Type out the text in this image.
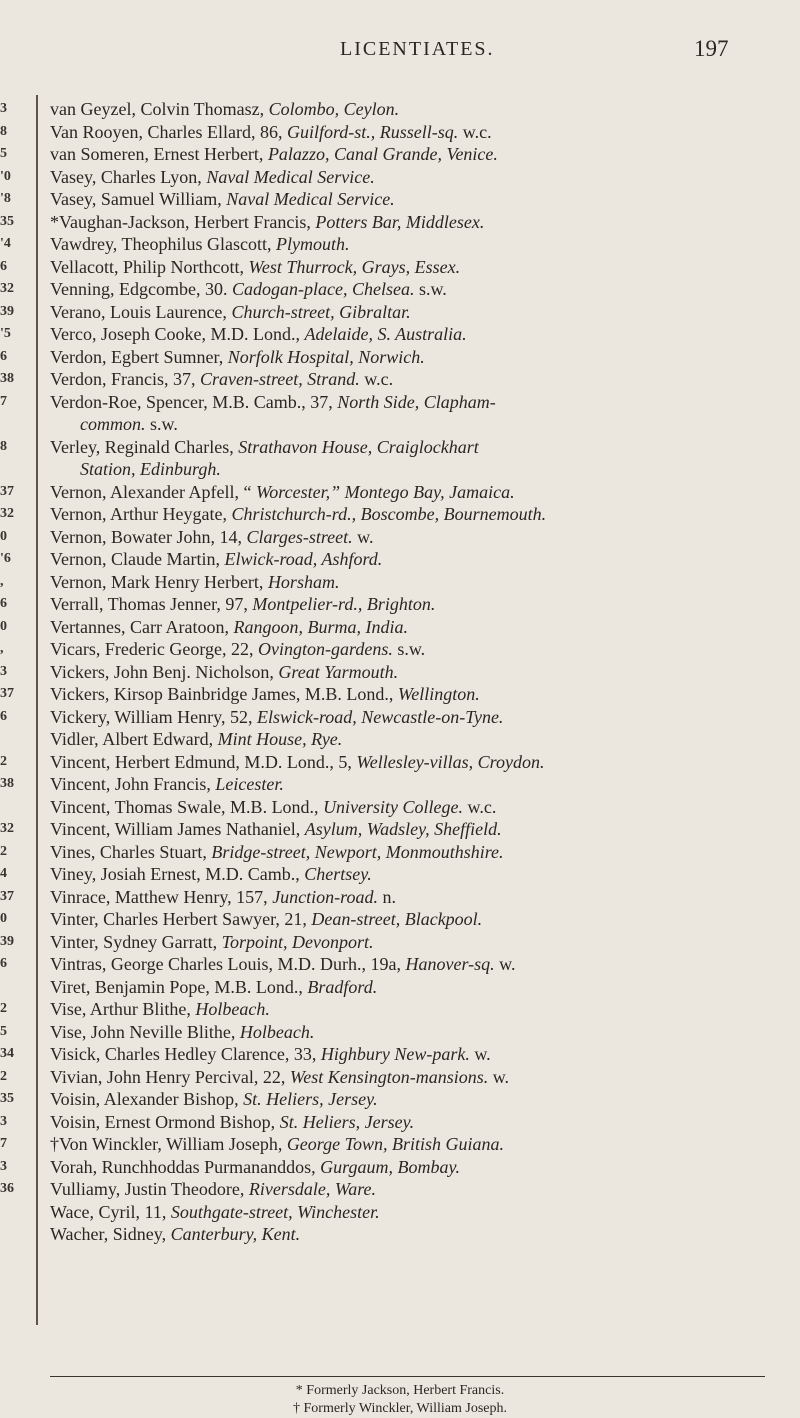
LICENTIATES.	197
3
8
5
'0
'8
35
'4
6
32
39
'5
6
38
7
8
37
32
0
'6
,
6
0
,
3
37
6
2
38
32
2
4
37
0
39
6
2
5
34
2
35
3
7
3
36
van Geyzel, Colvin Thomasz, Colombo, Ceylon.
Van Rooyen, Charles Ellard, 86, Guilford-st., Russell-sq. w.c.
van Someren, Ernest Herbert, Palazzo, Canal Grande, Venice.
Vasey, Charles Lyon, Naval Medical Service.
Vasey, Samuel William, Naval Medical Service.
*Vaughan-Jackson, Herbert Francis, Potters Bar, Middlesex.
Vawdrey, Theophilus Glascott, Plymouth.
Vellacott, Philip Northcott, West Thurrock, Grays, Essex.
Venning, Edgcombe, 30. Cadogan-place, Chelsea. s.w.
Verano, Louis Laurence, Church-street, Gibraltar.
Verco, Joseph Cooke, M.D. Lond., Adelaide, S. Australia.
Verdon, Egbert Sumner, Norfolk Hospital, Norwich.
Verdon, Francis, 37, Craven-street, Strand. w.c.
Verdon-Roe, Spencer, M.B. Camb., 37, North Side, Clapham-
common. s.w.
Verley, Reginald Charles, Strathavon House, Craiglockhart
Station, Edinburgh.
Vernon, Alexander Apfell, “ Worcester,” Montego Bay, Jamaica.
Vernon, Arthur Heygate, Christchurch-rd., Boscombe, Bournemouth.
Vernon, Bowater John, 14, Clarges-street. w.
Vernon, Claude Martin, Elwick-road, Ashford.
Vernon, Mark Henry Herbert, Horsham.
Verrall, Thomas Jenner, 97, Montpelier-rd., Brighton.
Vertannes, Carr Aratoon, Rangoon, Burma, India.
Vicars, Frederic George, 22, Ovington-gardens. s.w.
Vickers, John Benj. Nicholson, Great Yarmouth.
Vickers, Kirsop Bainbridge James, M.B. Lond., Wellington.
Vickery, William Henry, 52, Elswick-road, Newcastle-on-Tyne.
Vidler, Albert Edward, Mint House, Rye.
Vincent, Herbert Edmund, M.D. Lond., 5, Wellesley-villas, Croydon.
Vincent, John Francis, Leicester.
Vincent, Thomas Swale, M.B. Lond., University College. w.c.
Vincent, William James Nathaniel, Asylum, Wadsley, Sheffield.
Vines, Charles Stuart, Bridge-street, Newport, Monmouthshire.
Viney, Josiah Ernest, M.D. Camb., Chertsey.
Vinrace, Matthew Henry, 157, Junction-road. n.
Vinter, Charles Herbert Sawyer, 21, Dean-street, Blackpool.
Vinter, Sydney Garratt, Torpoint, Devonport.
Vintras, George Charles Louis, M.D. Durh., 19a, Hanover-sq. w.
Viret, Benjamin Pope, M.B. Lond., Bradford.
Vise, Arthur Blithe, Holbeach.
Vise, John Neville Blithe, Holbeach.
Visick, Charles Hedley Clarence, 33, Highbury New-park. w.
Vivian, John Henry Percival, 22, West Kensington-mansions. w.
Voisin, Alexander Bishop, St. Heliers, Jersey.
Voisin, Ernest Ormond Bishop, St. Heliers, Jersey.
†Von Winckler, William Joseph, George Town, British Guiana.
Vorah, Runchhoddas Purmananddos, Gurgaum, Bombay.
Vulliamy, Justin Theodore, Riversdale, Ware.
Wace, Cyril, 11, Southgate-street, Winchester.
Wacher, Sidney, Canterbury, Kent.
* Formerly Jackson, Herbert Francis.
† Formerly Winckler, William Joseph.
